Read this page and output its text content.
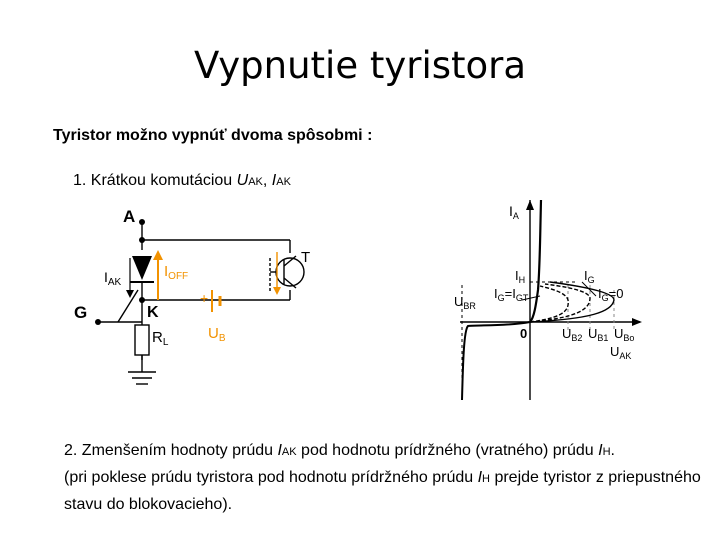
Vypnutie tyristora
Tyristor možno vypnúť dvoma spôsobmi :
1. Krátkou komutáciou UAK, IAK
A
T
$I_{AK}$
$I_{OFF}$
G	K
+
$R_L$
$U_B$
$I_A$
$I_H$	$I_G$
$I_G=I_{GT}$	$I_G=0$
$U_{BR}$
0	$U_{B2}$ $U_{B1}$ $U_{Bo}$
$U_{AK}$
2. Zmenšením hodnoty prúdu IAK pod hodnotu prídržného (vratného) prúdu IH.
(pri poklese prúdu tyristora pod hodnotu prídržného prúdu IH prejde tyristor z priepustného stavu do blokovacieho).
